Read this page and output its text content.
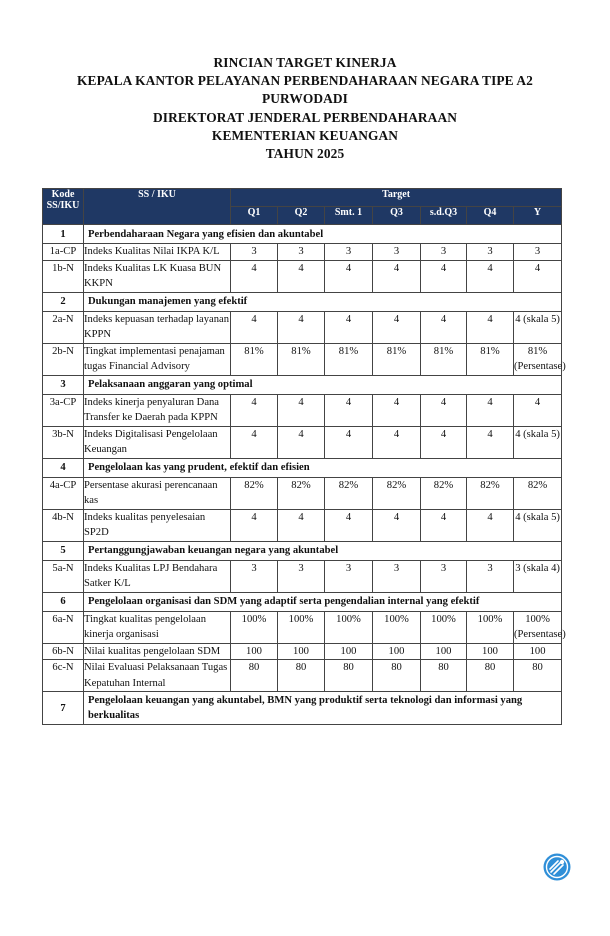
RINCIAN TARGET KINERJA
KEPALA KANTOR PELAYANAN PERBENDAHARAAN NEGARA TIPE A2
PURWODADI
DIREKTORAT JENDERAL PERBENDAHARAAN
KEMENTERIAN KEUANGAN
TAHUN 2025
Kode SS/IKU	SS / IKU	Target						
		Q1	Q2	Smt. 1	Q3	s.d.Q3	Q4	Y
1	Perbendaharaan Negara yang efisien dan akuntabel							
1a-CP	Indeks Kualitas Nilai IKPA K/L	3	3	3	3	3	3	3
1b-N	Indeks Kualitas LK Kuasa BUN KKPN	4	4	4	4	4	4	4
2	Dukungan manajemen yang efektif							
2a-N	Indeks kepuasan terhadap layanan KPPN	4	4	4	4	4	4	4 (skala 5)
2b-N	Tingkat implementasi penajaman tugas Financial Advisory	81%	81%	81%	81%	81%	81%	81% (Persentase)
3	Pelaksanaan anggaran yang optimal							
3a-CP	Indeks kinerja penyaluran Dana Transfer ke Daerah pada KPPN	4	4	4	4	4	4	4
3b-N	Indeks Digitalisasi Pengelolaan Keuangan	4	4	4	4	4	4	4 (skala 5)
4	Pengelolaan kas yang prudent, efektif dan efisien							
4a-CP	Persentase akurasi perencanaan kas	82%	82%	82%	82%	82%	82%	82%
4b-N	Indeks kualitas penyelesaian SP2D	4	4	4	4	4	4	4 (skala 5)
5	Pertanggungjawaban keuangan negara yang akuntabel							
5a-N	Indeks Kualitas LPJ Bendahara Satker K/L	3	3	3	3	3	3	3 (skala 4)
6	Pengelolaan organisasi dan SDM yang adaptif serta pengendalian internal yang efektif							
6a-N	Tingkat kualitas pengelolaan kinerja organisasi	100%	100%	100%	100%	100%	100%	100% (Persentase)
6b-N	Nilai kualitas pengelolaan SDM	100	100	100	100	100	100	100
6c-N	Nilai Evaluasi Pelaksanaan Tugas Kepatuhan Internal	80	80	80	80	80	80	80
7	Pengelolaan keuangan yang akuntabel, BMN yang produktif serta teknologi dan informasi yang berkualitas							
